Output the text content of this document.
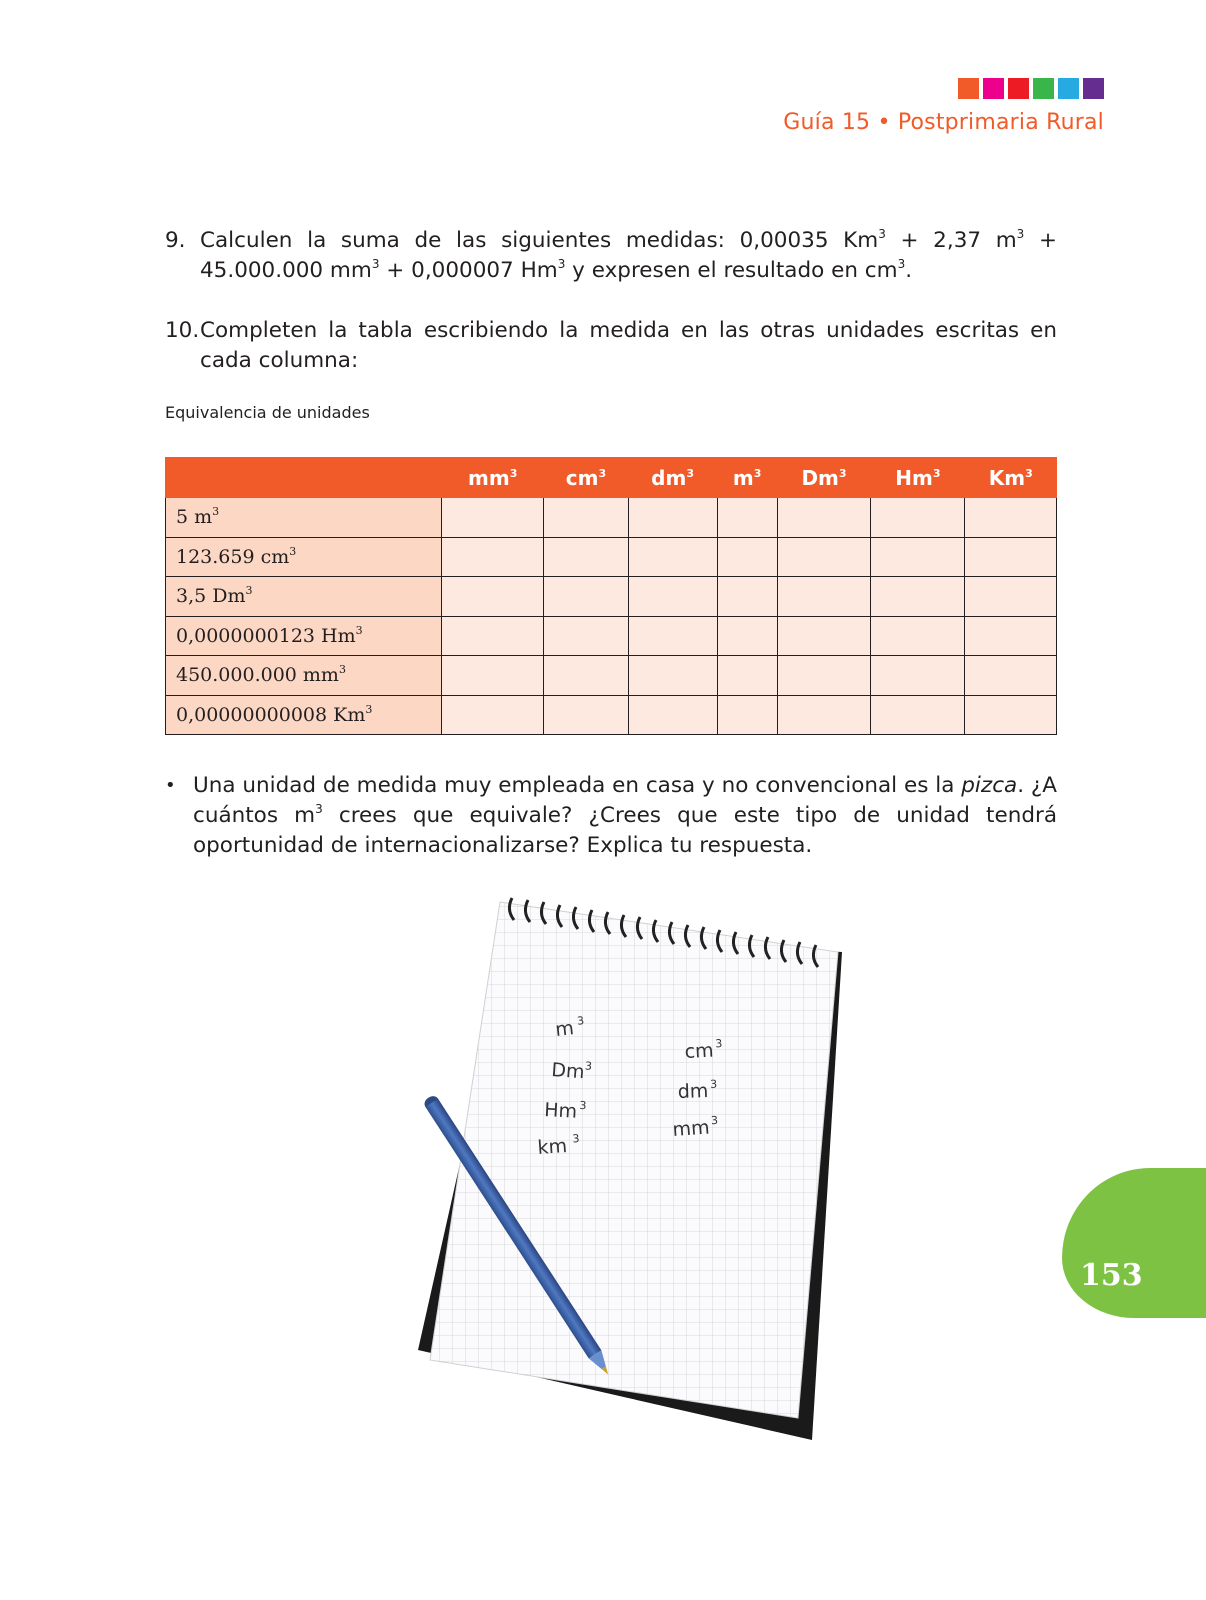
Guía 15 • Postprimaria Rural
9. Calculen la suma de las siguientes medidas: 0,00035 $Km^3 + 2,37$ $m^3 + 45.000.000$ $mm^3 + 0,000007$ Hm$^3$ y expresen el resultado en $cm^3$.
10. Completen la tabla escribiendo la medida en las otras unidades escritas en cada columna:
Equivalencia de unidades
	$mm^3$	$cm^3$	$dm^3$	$m^3$	Dm$^3$	Hm$^3$	Km$^3$
5 $m^3$							
123.659 $cm^3$							
3,5 Dm$^3$							
0,0000000123 Hm$^3$							
450.000.000 $mm^3$							
0,00000000008 Km$^3$							
• Una unidad de medida muy empleada en casa y no convencional es la pizca. ¿A cuántos $m^3$ crees que equivale? ¿Crees que este tipo de unidad tendrá oportunidad de internacionalizarse? Explica tu respuesta.
$m^3$
Dm$^3$
Hm$^3$
km $^3$
$cm^3$
$dm^3$
$mm^3$
153
